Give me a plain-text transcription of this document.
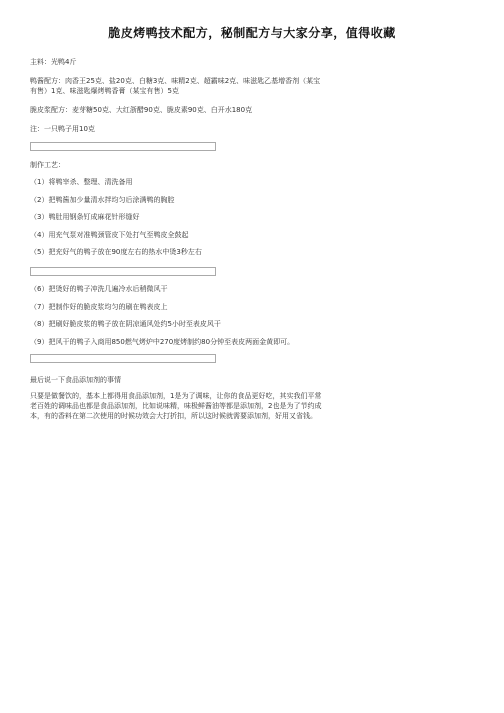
脆皮烤鸭技术配方，秘制配方与大家分享，值得收藏

主料：光鸭4斤

鸭酱配方：肉香王25克、盐20克、白糖3克、味精2克、超霸味2克、味滋匙乙基增香剂（某宝

有售）1克、味滋匙爆烤鸭香膏（某宝有售）5克

脆皮浆配方：麦芽糖50克、大红浙醋90克、脆皮素90克、白开水180克

注：一只鸭子用10克

制作工艺：

（1）将鸭宰杀、整理、清洗备用

（2）把鸭酱加少量清水拌均匀后涂满鸭的胸腔

（3）鸭肚用钢条钉成麻花针形缝好

（4）用充气泵对准鸭颈管皮下处打气至鸭皮全鼓起

（5）把充好气的鸭子放在90度左右的热水中烫3秒左右

（6）把烫好的鸭子冲洗几遍冷水后稍微风干

（7）把制作好的脆皮浆均匀的刷在鸭表皮上

（8）把刷好脆皮浆的鸭子放在阴凉通风处约5小时至表皮风干

（9）把风干的鸭子入商用850燃气烤炉中270度烤制约80分钟至表皮两面金黄即可。

最后说一下食品添加剂的事情

只要是做餐饮的，基本上都得用食品添加剂，1是为了调味，让你的食品更好吃，其实我们平常

老百姓的调味品也都是食品添加剂，比如说味精，味极鲜酱油等都是添加剂，2也是为了节约成

本，有的香料在第二次使用的时候功效会大打折扣，所以这时候就需要添加剂，好用又省钱。
